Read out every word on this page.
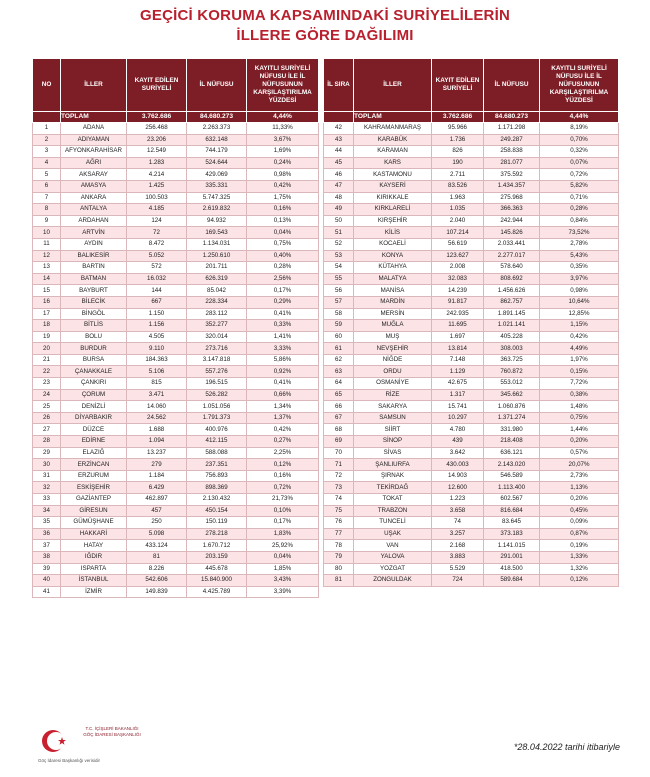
GEÇİCİ KORUMA KAPSAMINDAKİ SURİYELİLERİN
İLLERE GÖRE DAĞILIMI
NO	İLLER	KAYIT EDİLEN SURİYELİ	İL NÜFUSU	KAYITLI SURİYELİ NÜFUSU İLE İL NÜFUSUNUN KARŞILAŞTIRILMA YÜZDESİ
	TOPLAM	3.762.686	84.680.273	4,44%
1	ADANA	256.468	2.263.373	11,33%
2	ADIYAMAN	23.206	632.148	3,67%
3	AFYONKARAHİSAR	12.549	744.179	1,69%
4	AĞRI	1.283	524.644	0,24%
5	AKSARAY	4.214	429.069	0,98%
6	AMASYA	1.425	335.331	0,42%
7	ANKARA	100.503	5.747.325	1,75%
8	ANTALYA	4.185	2.619.832	0,16%
9	ARDAHAN	124	94.932	0,13%
10	ARTVİN	72	169.543	0,04%
11	AYDIN	8.472	1.134.031	0,75%
12	BALIKESİR	5.052	1.250.610	0,40%
13	BARTIN	572	201.711	0,28%
14	BATMAN	16.032	626.319	2,56%
15	BAYBURT	144	85.042	0,17%
16	BİLECİK	667	228.334	0,29%
17	BİNGÖL	1.150	283.112	0,41%
18	BİTLİS	1.156	352.277	0,33%
19	BOLU	4.505	320.014	1,41%
20	BURDUR	9.110	273.716	3,33%
21	BURSA	184.363	3.147.818	5,86%
22	ÇANAKKALE	5.106	557.276	0,92%
23	ÇANKIRI	815	196.515	0,41%
24	ÇORUM	3.471	526.282	0,66%
25	DENİZLİ	14.060	1.051.056	1,34%
26	DİYARBAKIR	24.562	1.791.373	1,37%
27	DÜZCE	1.688	400.976	0,42%
28	EDİRNE	1.094	412.115	0,27%
29	ELAZIĞ	13.237	588.088	2,25%
30	ERZİNCAN	279	237.351	0,12%
31	ERZURUM	1.184	756.893	0,16%
32	ESKİŞEHİR	6.429	898.369	0,72%
33	GAZİANTEP	462.897	2.130.432	21,73%
34	GİRESUN	457	450.154	0,10%
35	GÜMÜŞHANE	250	150.119	0,17%
36	HAKKARİ	5.098	278.218	1,83%
37	HATAY	433.124	1.670.712	25,92%
38	IĞDIR	81	203.159	0,04%
39	ISPARTA	8.226	445.678	1,85%
40	İSTANBUL	542.606	15.840.900	3,43%
41	İZMİR	149.839	4.425.789	3,39%
İL SIRA	İLLER	KAYIT EDİLEN SURİYELİ	İL NÜFUSU	KAYITLI SURİYELİ NÜFUSU İLE İL NÜFUSUNUN KARŞILAŞTIRILMA YÜZDESİ
	TOPLAM	3.762.686	84.680.273	4,44%
42	KAHRAMANMARAŞ	95.966	1.171.298	8,19%
43	KARABÜK	1.736	249.287	0,70%
44	KARAMAN	826	258.838	0,32%
45	KARS	190	281.077	0,07%
46	KASTAMONU	2.711	375.592	0,72%
47	KAYSERİ	83.526	1.434.357	5,82%
48	KIRIKKALE	1.963	275.968	0,71%
49	KIRKLARELİ	1.035	366.363	0,28%
50	KIRŞEHİR	2.040	242.944	0,84%
51	KİLİS	107.214	145.826	73,52%
52	KOCAELİ	56.619	2.033.441	2,78%
53	KONYA	123.627	2.277.017	5,43%
54	KÜTAHYA	2.008	578.640	0,35%
55	MALATYA	32.083	808.692	3,97%
56	MANİSA	14.239	1.456.626	0,98%
57	MARDİN	91.817	862.757	10,64%
58	MERSİN	242.935	1.891.145	12,85%
59	MUĞLA	11.695	1.021.141	1,15%
60	MUŞ	1.697	405.228	0,42%
61	NEVŞEHİR	13.814	308.003	4,49%
62	NİĞDE	7.148	363.725	1,97%
63	ORDU	1.129	760.872	0,15%
64	OSMANİYE	42.675	553.012	7,72%
65	RİZE	1.317	345.662	0,38%
66	SAKARYA	15.741	1.060.876	1,48%
67	SAMSUN	10.297	1.371.274	0,75%
68	SİİRT	4.780	331.980	1,44%
69	SİNOP	439	218.408	0,20%
70	SİVAS	3.642	636.121	0,57%
71	ŞANLIURFA	430.003	2.143.020	20,07%
72	ŞIRNAK	14.903	546.589	2,73%
73	TEKİRDAĞ	12.600	1.113.400	1,13%
74	TOKAT	1.223	602.567	0,20%
75	TRABZON	3.658	816.684	0,45%
76	TUNCELİ	74	83.645	0,09%
77	UŞAK	3.257	373.183	0,87%
78	VAN	2.168	1.141.015	0,19%
79	YALOVA	3.883	291.001	1,33%
80	YOZGAT	5.529	418.500	1,32%
81	ZONGULDAK	724	589.684	0,12%
T.C. İÇİŞLERİ BAKANLIĞI GÖÇ İDARESİ BAŞKANLIĞI
Göç İdaresi Başkanlığı verisidir
*28.04.2022 tarihi itibariyle
